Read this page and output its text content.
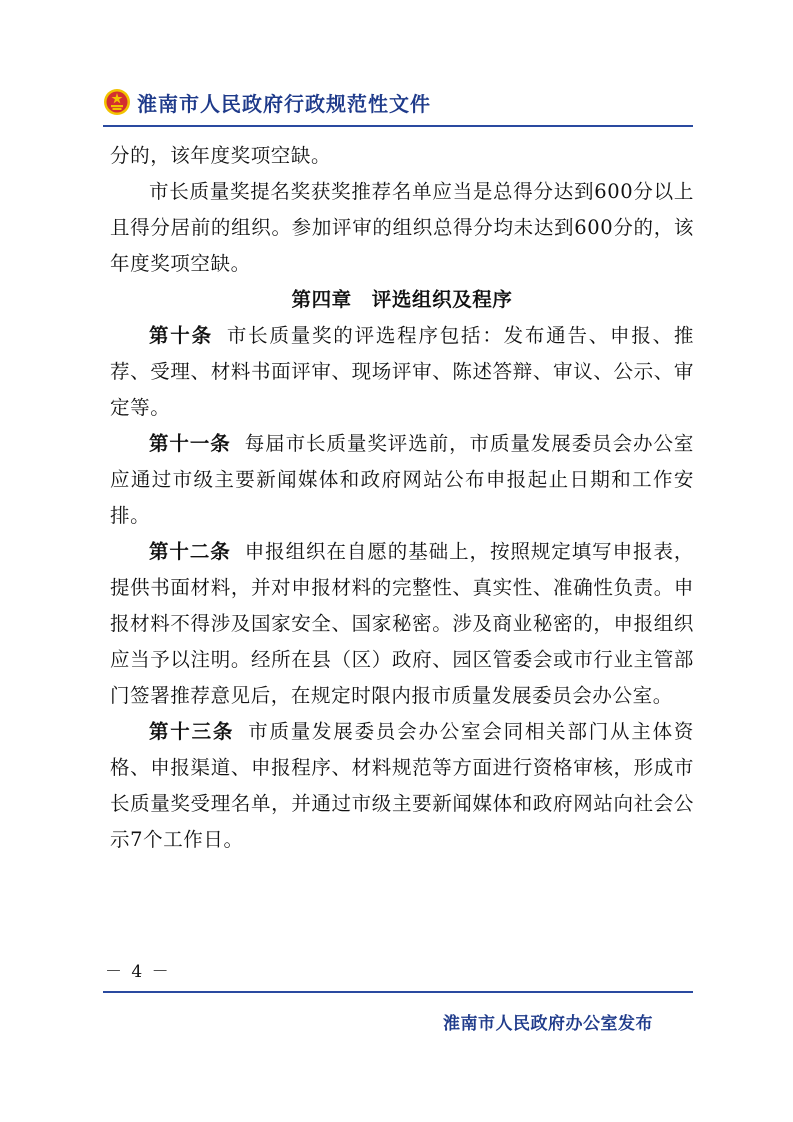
淮南市人民政府行政规范性文件

分的，该年度奖项空缺。

市长质量奖提名奖获奖推荐名单应当是总得分达到600分以上且得分居前的组织。参加评审的组织总得分均未达到600分的，该年度奖项空缺。

第四章 评选组织及程序

第十条 市长质量奖的评选程序包括：发布通告、申报、推荐、受理、材料书面评审、现场评审、陈述答辩、审议、公示、审定等。

第十一条 每届市长质量奖评选前，市质量发展委员会办公室应通过市级主要新闻媒体和政府网站公布申报起止日期和工作安排。

第十二条 申报组织在自愿的基础上，按照规定填写申报表，提供书面材料，并对申报材料的完整性、真实性、准确性负责。申报材料不得涉及国家安全、国家秘密。涉及商业秘密的，申报组织应当予以注明。经所在县（区）政府、园区管委会或市行业主管部门签署推荐意见后，在规定时限内报市质量发展委员会办公室。

第十三条 市质量发展委员会办公室会同相关部门从主体资格、申报渠道、申报程序、材料规范等方面进行资格审核，形成市长质量奖受理名单，并通过市级主要新闻媒体和政府网站向社会公示7个工作日。

－ 4 －
淮南市人民政府办公室发布
